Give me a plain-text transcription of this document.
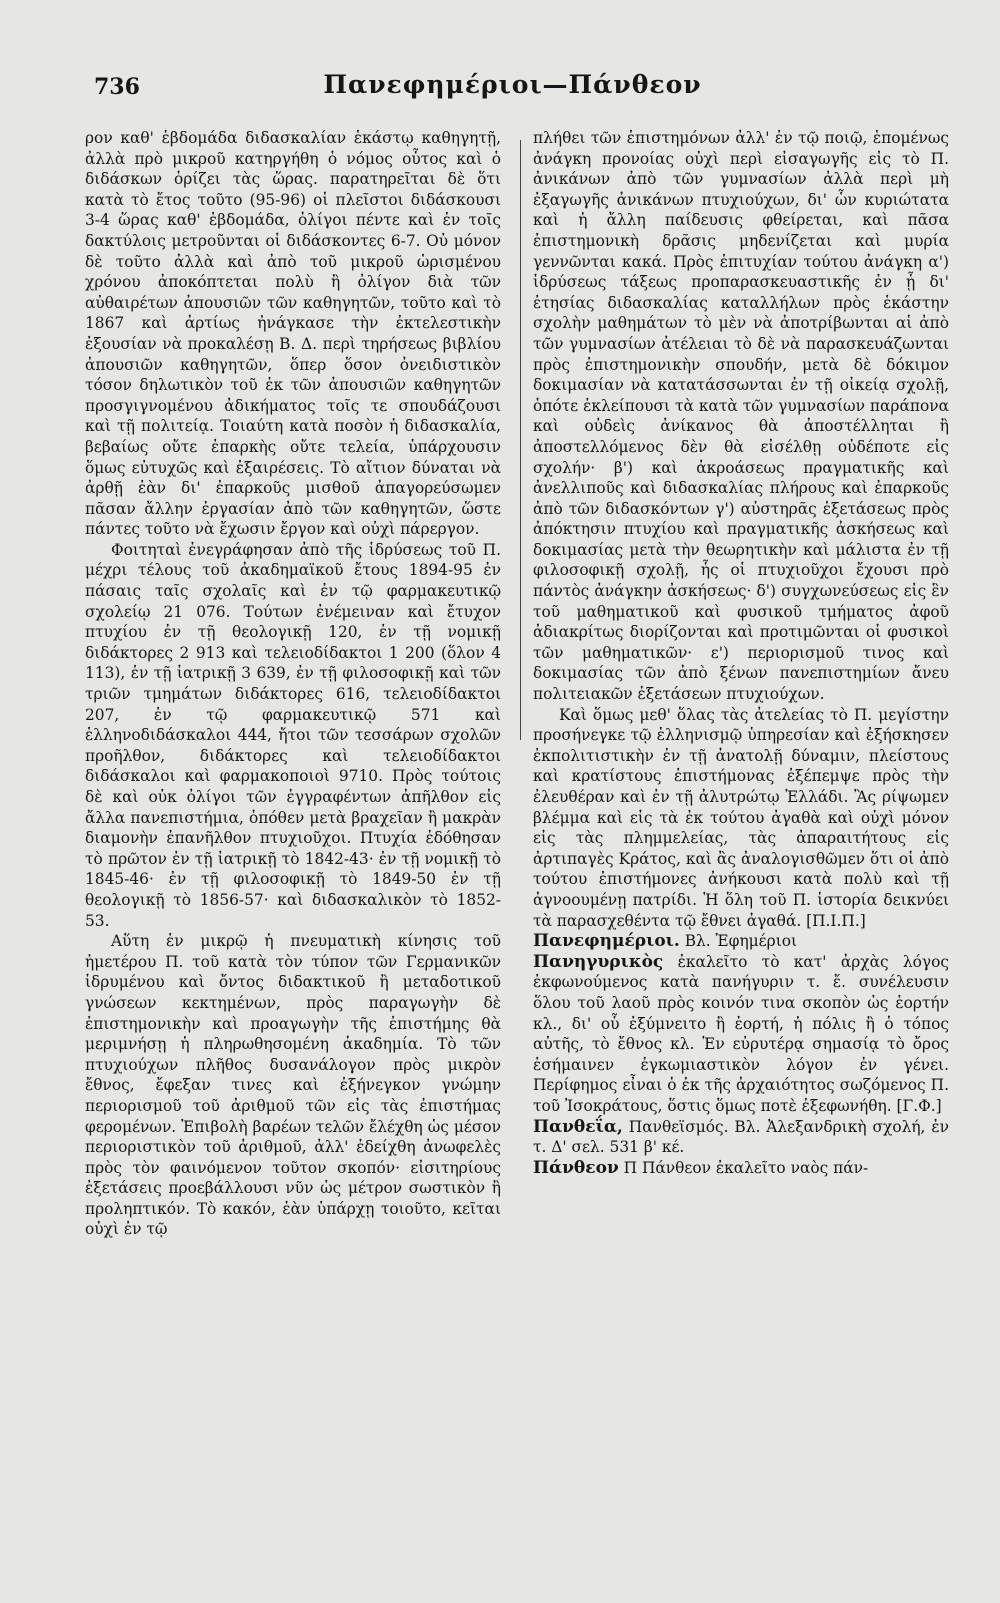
736	Πανεφημέριοι—Πάνθεον

ρον καθ' ἑβδομάδα διδασκαλίαν ἑκάστῳ καθηγητῇ, ἀλλὰ πρὸ μικροῦ κατηργήθη ὁ νόμος οὗτος καὶ ὁ διδάσκων ὁρίζει τὰς ὥρας. παρατηρεῖται δὲ ὅτι κατὰ τὸ ἔτος τοῦτο (95-96) οἱ πλεῖστοι διδάσκουσι 3-4 ὥρας καθ' ἑβδομάδα, ὀλίγοι πέντε καὶ ἐν τοῖς δακτύλοις μετροῦνται οἱ διδάσκοντες 6-7. Οὐ μόνον δὲ τοῦτο ἀλλὰ καὶ ἀπὸ τοῦ μικροῦ ὡρισμένου χρόνου ἀποκόπτεται πολὺ ἢ ὀλίγον διὰ τῶν αὐθαιρέτων ἀπουσιῶν τῶν καθηγητῶν, τοῦτο καὶ τὸ 1867 καὶ ἀρτίως ἠνάγκασε τὴν ἐκτελεστικὴν ἐξουσίαν νὰ προκαλέσῃ Β. Δ. περὶ τηρήσεως βιβλίου ἀπουσιῶν καθηγητῶν, ὅπερ ὅσον ὀνειδιστικὸν τόσον δηλωτικὸν τοῦ ἐκ τῶν ἀπουσιῶν καθηγητῶν προσγιγνομένου ἀδικήματος τοῖς τε σπουδάζουσι καὶ τῇ πολιτείᾳ. Τοιαύτη κατὰ ποσὸν ἡ διδασκαλία, βεβαίως οὔτε ἐπαρκὴς οὔτε τελεία, ὑπάρχουσιν ὅμως εὐτυχῶς καὶ ἐξαιρέσεις. Τὸ αἴτιον δύναται νὰ ἀρθῇ ἐὰν δι' ἐπαρκοῦς μισθοῦ ἀπαγορεύσωμεν πᾶσαν ἄλλην ἐργασίαν ἀπὸ τῶν καθηγητῶν, ὥστε πάντες τοῦτο νὰ ἔχωσιν ἔργον καὶ οὐχὶ πάρεργον.

Φοιτηταὶ ἐνεγράφησαν ἀπὸ τῆς ἱδρύσεως τοῦ Π. μέχρι τέλους τοῦ ἀκαδημαϊκοῦ ἔτους 1894-95 ἐν πάσαις ταῖς σχολαῖς καὶ ἐν τῷ φαρμακευτικῷ σχολείῳ 21 076. Τούτων ἐνέμειναν καὶ ἔτυχον πτυχίου ἐν τῇ θεολογικῇ 120, ἐν τῇ νομικῇ διδάκτορες 2 913 καὶ τελειοδίδακτοι 1 200 (ὅλον 4 113), ἐν τῇ ἰατρικῇ 3 639, ἐν τῇ φιλοσοφικῇ καὶ τῶν τριῶν τμημάτων διδάκτορες 616, τελειοδίδακτοι 207, ἐν τῷ φαρμακευτικῷ 571 καὶ ἑλληνοδιδάσκαλοι 444, ἤτοι τῶν τεσσάρων σχολῶν προῆλθον, διδάκτορες καὶ τελειοδίδακτοι διδάσκαλοι καὶ φαρμακοποιοὶ 9710. Πρὸς τούτοις δὲ καὶ οὐκ ὀλίγοι τῶν ἐγγραφέντων ἀπῆλθον εἰς ἄλλα πανεπιστήμια, ὁπόθεν μετὰ βραχεῖαν ἢ μακρὰν διαμονὴν ἐπανῆλθον πτυχιοῦχοι. Πτυχία ἐδόθησαν τὸ πρῶτον ἐν τῇ ἰατρικῇ τὸ 1842-43· ἐν τῇ νομικῇ τὸ 1845-46· ἐν τῇ φιλοσοφικῇ τὸ 1849-50 ἐν τῇ θεολογικῇ τὸ 1856-57· καὶ διδασκαλικὸν τὸ 1852-53.

Αὕτη ἐν μικρῷ ἡ πνευματικὴ κίνησις τοῦ ἡμετέρου Π. τοῦ κατὰ τὸν τύπον τῶν Γερμανικῶν ἱδρυμένου καὶ ὄντος διδακτικοῦ ἢ μεταδοτικοῦ γνώσεων κεκτημένων, πρὸς παραγωγὴν δὲ ἐπιστημονικὴν καὶ προαγωγὴν τῆς ἐπιστήμης θὰ μεριμνήσῃ ἡ πληρωθησομένη ἀκαδημία. Τὸ τῶν πτυχιούχων πλῆθος δυσανάλογον πρὸς μικρὸν ἔθνος, ἔφεξαν τινες καὶ ἐξήνεγκον γνώμην περιορισμοῦ τοῦ ἀριθμοῦ τῶν εἰς τὰς ἐπιστήμας φερομένων. Ἐπιβολὴ βαρέων τελῶν ἔλέχθη ὡς μέσον περιοριστικὸν τοῦ ἀριθμοῦ, ἀλλ' ἐδείχθη ἀνωφελὲς πρὸς τὸν φαινόμενον τοῦτον σκοπόν· εἰσιτηρίους ἐξετάσεις προεβάλλουσι νῦν ὡς μέτρον σωστικὸν ἢ προληπτικόν. Τὸ κακόν, ἐὰν ὑπάρχῃ τοιοῦτο, κεῖται οὐχὶ ἐν τῷ

πλήθει τῶν ἐπιστημόνων ἀλλ' ἐν τῷ ποιῷ, ἑπομένως ἀνάγκη προνοίας οὐχὶ περὶ εἰσαγωγῆς εἰς τὸ Π. ἀνικάνων ἀπὸ τῶν γυμνασίων ἀλλὰ περὶ μὴ ἐξαγωγῆς ἀνικάνων πτυχιούχων, δι' ὧν κυριώτατα καὶ ἡ ἄλλη παίδευσις φθείρεται, καὶ πᾶσα ἐπιστημονικὴ δρᾶσις μηδενίζεται καὶ μυρία γεννῶνται κακά. Πρὸς ἐπιτυχίαν τούτου ἀνάγκη α') ἱδρύσεως τάξεως προπαρασκευαστικῆς ἐν ᾗ δι' ἐτησίας διδασκαλίας καταλλήλων πρὸς ἑκάστην σχολὴν μαθημάτων τὸ μὲν νὰ ἀποτρίβωνται αἱ ἀπὸ τῶν γυμνασίων ἀτέλειαι τὸ δὲ νὰ παρασκευάζωνται πρὸς ἐπιστημονικὴν σπουδήν, μετὰ δὲ δόκιμον δοκιμασίαν νὰ κατατάσσωνται ἐν τῇ οἰκείᾳ σχολῇ, ὁπότε ἐκλείπουσι τὰ κατὰ τῶν γυμνασίων παράπονα καὶ οὐδεὶς ἀνίκανος θὰ ἀποστέλληται ἢ ἀποστελλόμενος δὲν θὰ εἰσέλθῃ οὐδέποτε εἰς σχολήν· β') καὶ ἀκροάσεως πραγματικῆς καὶ ἀνελλιποῦς καὶ διδασκαλίας πλήρους καὶ ἐπαρκοῦς ἀπὸ τῶν διδασκόντων γ') αὐστηρᾶς ἐξετάσεως πρὸς ἀπόκτησιν πτυχίου καὶ πραγματικῆς ἀσκήσεως καὶ δοκιμασίας μετὰ τὴν θεωρητικὴν καὶ μάλιστα ἐν τῇ φιλοσοφικῇ σχολῇ, ἧς οἱ πτυχιοῦχοι ἔχουσι πρὸ πάντὸς ἀνάγκην ἀσκήσεως· δ') συγχωνεύσεως εἰς ἓν τοῦ μαθηματικοῦ καὶ φυσικοῦ τμήματος ἀφοῦ ἀδιακρίτως διορίζονται καὶ προτιμῶνται οἱ φυσικοὶ τῶν μαθηματικῶν· ε') περιορισμοῦ τινος καὶ δοκιμασίας τῶν ἀπὸ ξένων πανεπιστημίων ἄνευ πολιτειακῶν ἐξετάσεων πτυχιούχων.

Καὶ ὅμως μεθ' ὅλας τὰς ἀτελείας τὸ Π. μεγίστην προσήνεγκε τῷ ἑλληνισμῷ ὑπηρεσίαν καὶ ἐξήσκησεν ἐκπολιτιστικὴν ἐν τῇ ἀνατολῇ δύναμιν, πλείστους καὶ κρατίστους ἐπιστήμονας ἐξέπεμψε πρὸς τὴν ἐλευθέραν καὶ ἐν τῇ ἀλυτρώτῳ Ἑλλάδι. Ἂς ρίψωμεν βλέμμα καὶ εἰς τὰ ἐκ τούτου ἀγαθὰ καὶ οὐχὶ μόνον εἰς τὰς πλημμελείας, τὰς ἀπαραιτήτους εἰς ἀρτιπαγὲς Κράτος, καὶ ἂς ἀναλογισθῶμεν ὅτι οἱ ἀπὸ τούτου ἐπιστήμονες ἀνήκουσι κατὰ πολὺ καὶ τῇ ἀγνοουμένῃ πατρίδι. Ἡ ὅλη τοῦ Π. ἱστορία δεικνύει τὰ παρασχεθέντα τῷ ἔθνει ἀγαθά. [Π.Ι.Π.]

Πανεφημέριοι. Βλ. Ἐφημέριοι

Πανηγυρικὸς ἐκαλεῖτο τὸ κατ' ἀρχὰς λόγος ἐκφωνούμενος κατὰ πανήγυριν τ. ἔ. συνέλευσιν ὅλου τοῦ λαοῦ πρὸς κοινόν τινα σκοπὸν ὡς ἑορτήν κλ., δι' οὗ ἐξύμνειτο ἢ ἑορτή, ἡ πόλις ἢ ὁ τόπος αὐτῆς, τὸ ἔθνος κλ. Ἐν εὐρυτέρᾳ σημασίᾳ τὸ ὄρος ἐσήμαινεν ἐγκωμιαστικὸν λόγον ἐν γένει. Περίφημος εἶναι ὁ ἐκ τῆς ἀρχαιότητος σωζόμενος Π. τοῦ Ἰσοκράτους, ὅστις ὅμως ποτὲ ἐξεφωνήθη. [Γ.Φ.]

Πανθεΐα, Πανθεϊσμός. Βλ. Ἀλεξανδρικὴ σχολή, ἐν τ. Δ' σελ. 531 β' κέ.

Πάνθεον Π Πάνθεον ἐκαλεῖτο ναὸς πάν-
